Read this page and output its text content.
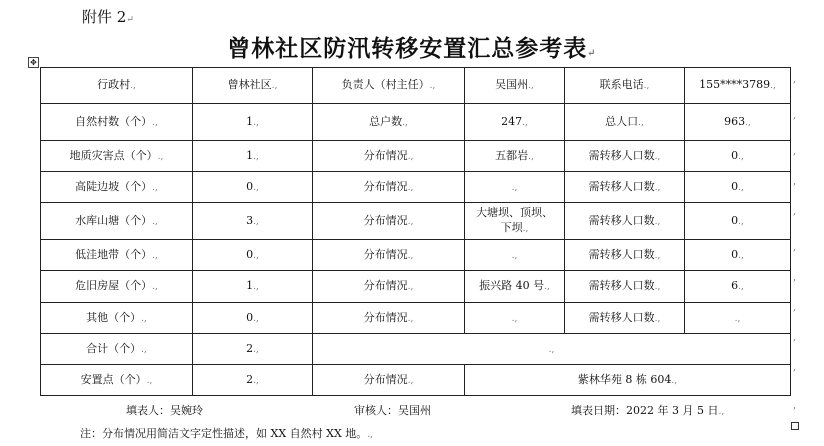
附件 2↵
曾林社区防汛转移安置汇总参考表↵
✥
行政村.,	曾林社区.,	负责人（村主任）.,	吴国州.,	联系电话.,	155****3789.,
自然村数（个）.,	1.,	总户数.,	247.,	总人口.,	963.,
地质灾害点（个）.,	1.,	分布情况.,	五都岩.,	需转移人口数.,	0.,
高陡边坡（个）.,	0.,	分布情况.,	.,	需转移人口数.,	0.,
水库山塘（个）.,	3.,	分布情况.,	大塘坝、顶坝、下坝.,	需转移人口数.,	0.,
低洼地带（个）.,	0.,	分布情况.,	.,	需转移人口数.,	0.,
危旧房屋（个）.,	1.,	分布情况.,	振兴路 40 号.,	需转移人口数.,	6.,
其他（个）.,	0.,	分布情况.,	.,	需转移人口数.,	.,
合计（个）.,	2.,	.,			
安置点（个）.,	2.,	分布情况.,	紫林华苑 8 栋 604.,		
,
,
,
,
,
,
,
,
,
,
填表人：吴婉玲	审核人：吴国州	填表日期：2022 年 3 月 5 日.,
,
注：分布情况用简洁文字定性描述，如 XX 自然村 XX 地。.,
